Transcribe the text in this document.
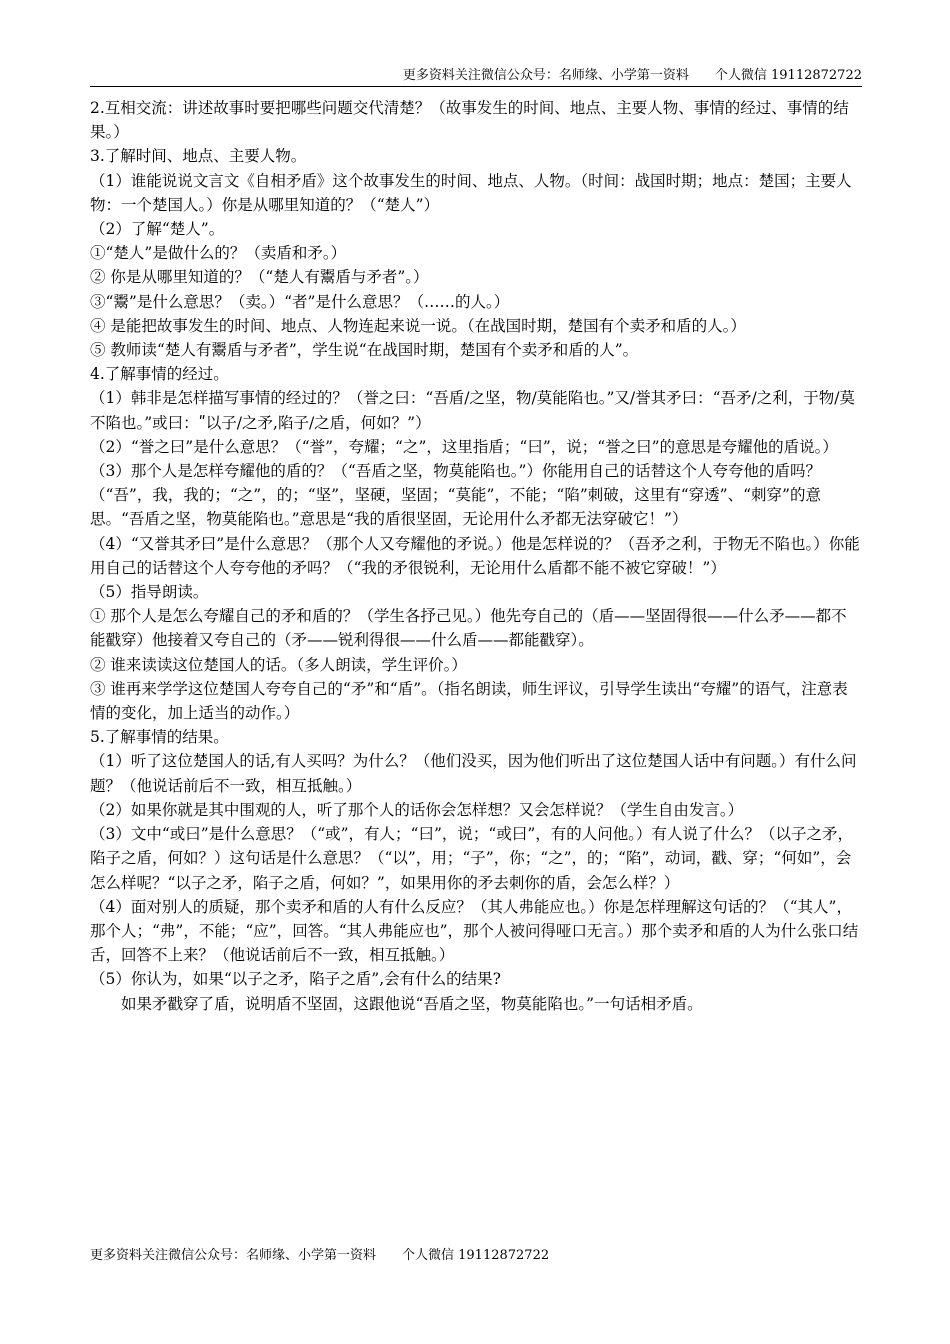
更多资料关注微信公众号：名师缘、小学第一资料　　个人微信 19112872722

2.互相交流：讲述故事时要把哪些问题交代清楚？（故事发生的时间、地点、主要人物、事情的经过、事情的结果。）

3.了解时间、地点、主要人物。

（1）谁能说说文言文《自相矛盾》这个故事发生的时间、地点、人物。（时间：战国时期；地点：楚国；主要人物：一个楚国人。）你是从哪里知道的？（“楚人”）

（2）了解“楚人”。

①“楚人”是做什么的？（卖盾和矛。）

② 你是从哪里知道的？（“楚人有鬻盾与矛者”。）

③“鬻”是什么意思？（卖。）“者”是什么意思？（……的人。）

④ 是能把故事发生的时间、地点、人物连起来说一说。（在战国时期，楚国有个卖矛和盾的人。）

⑤ 教师读“楚人有鬻盾与矛者”，学生说“在战国时期，楚国有个卖矛和盾的人”。

4.了解事情的经过。

（1）韩非是怎样描写事情的经过的？（誉之曰：“吾盾/之坚，物/莫能陷也。”又/誉其矛曰：“吾矛/之利，于物/莫不陷也。”或曰：ʺ以子/之矛,陷子/之盾，何如？”）

（2）“誉之曰”是什么意思？（“誉”，夸耀；“之”，这里指盾；“曰”，说；“誉之曰”的意思是夸耀他的盾说。）

（3）那个人是怎样夸耀他的盾的？（“吾盾之坚，物莫能陷也。”）你能用自己的话替这个人夸夸他的盾吗？（“吾”，我，我的；“之”，的；“坚”，坚硬，坚固；“莫能”，不能；“陷”刺破，这里有“穿透”、“刺穿”的意思。“吾盾之坚，物莫能陷也。”意思是“我的盾很坚固，无论用什么矛都无法穿破它！”）

（4）“又誉其矛曰”是什么意思？（那个人又夸耀他的矛说。）他是怎样说的？（吾矛之利，于物无不陷也。）你能用自己的话替这个人夸夸他的矛吗？（“我的矛很锐利，无论用什么盾都不能不被它穿破！”）

（5）指导朗读。

① 那个人是怎么夸耀自己的矛和盾的？（学生各抒己见。）他先夸自己的（盾——坚固得很——什么矛——都不能戳穿）他接着又夸自己的（矛——锐利得很——什么盾——都能戳穿）。

② 谁来读读这位楚国人的话。（多人朗读，学生评价。）

③ 谁再来学学这位楚国人夸夸自己的“矛”和“盾”。（指名朗读，师生评议，引导学生读出“夸耀”的语气，注意表情的变化，加上适当的动作。）

5.了解事情的结果。

（1）听了这位楚国人的话,有人买吗？为什么？（他们没买，因为他们听出了这位楚国人话中有问题。）有什么问题？（他说话前后不一致，相互抵触。）

（2）如果你就是其中围观的人，听了那个人的话你会怎样想？又会怎样说？（学生自由发言。）

（3）文中“或曰”是什么意思？（“或”，有人；“曰”，说；“或曰”，有的人问他。）有人说了什么？（以子之矛，陷子之盾，何如？）这句话是什么意思？（“以”，用；“子”，你；“之”，的；“陷”，动词，戳、穿；“何如”，会怎么样呢？“以子之矛，陷子之盾，何如？”，如果用你的矛去刺你的盾，会怎么样？）

（4）面对别人的质疑，那个卖矛和盾的人有什么反应？（其人弗能应也。）你是怎样理解这句话的？（“其人”，那个人；“弗”，不能；“应”，回答。“其人弗能应也”，那个人被问得哑口无言。）那个卖矛和盾的人为什么张口结舌，回答不上来？（他说话前后不一致，相互抵触。）

（5）你认为，如果“以子之矛，陷子之盾”,会有什么的结果?

如果矛戳穿了盾，说明盾不坚固，这跟他说“吾盾之坚，物莫能陷也。”一句话相矛盾。

更多资料关注微信公众号：名师缘、小学第一资料　　个人微信 19112872722
